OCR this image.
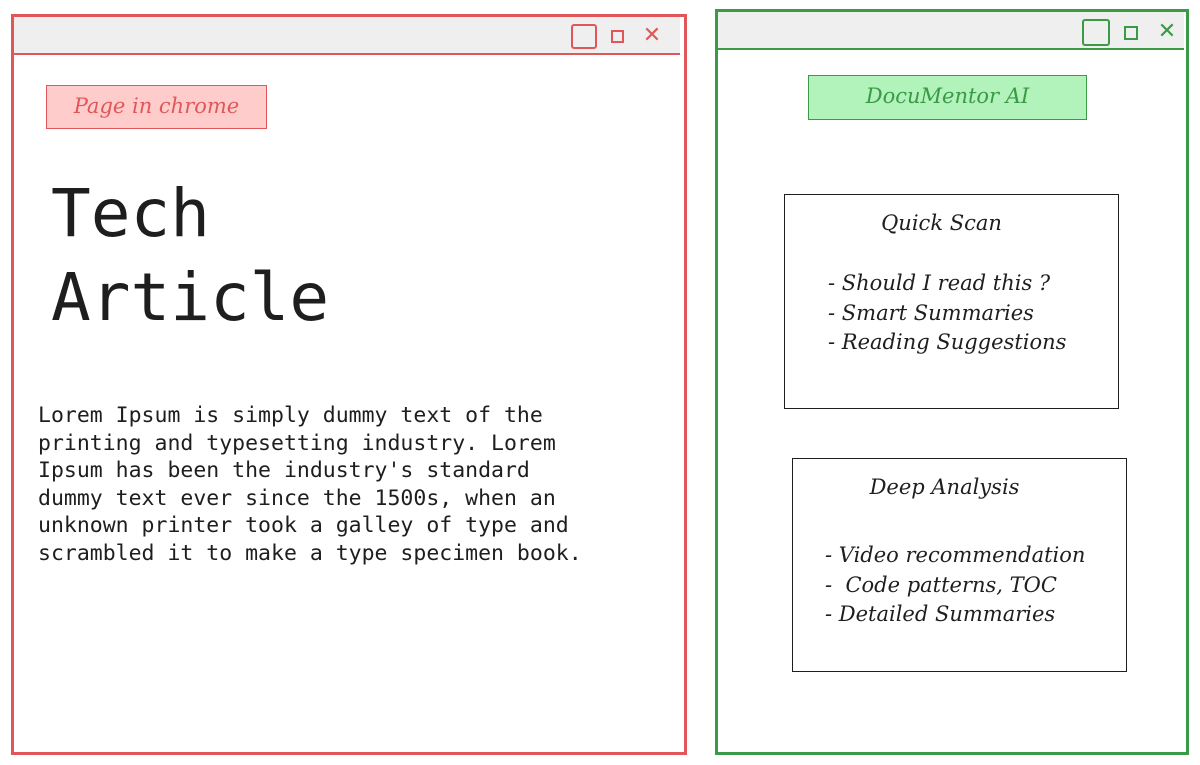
✕
Page in chrome
Tech
Article

Lorem Ipsum is simply dummy text of the
printing and typesetting industry. Lorem
Ipsum has been the industry's standard
dummy text ever since the 1500s, when an
unknown printer took a galley of type and
scrambled it to make a type specimen book.

✕
DocuMentor AI
Quick Scan
- Should I read this ?
- Smart Summaries
- Reading Suggestions
Deep Analysis
- Video recommendation
-  Code patterns, TOC
- Detailed Summaries
